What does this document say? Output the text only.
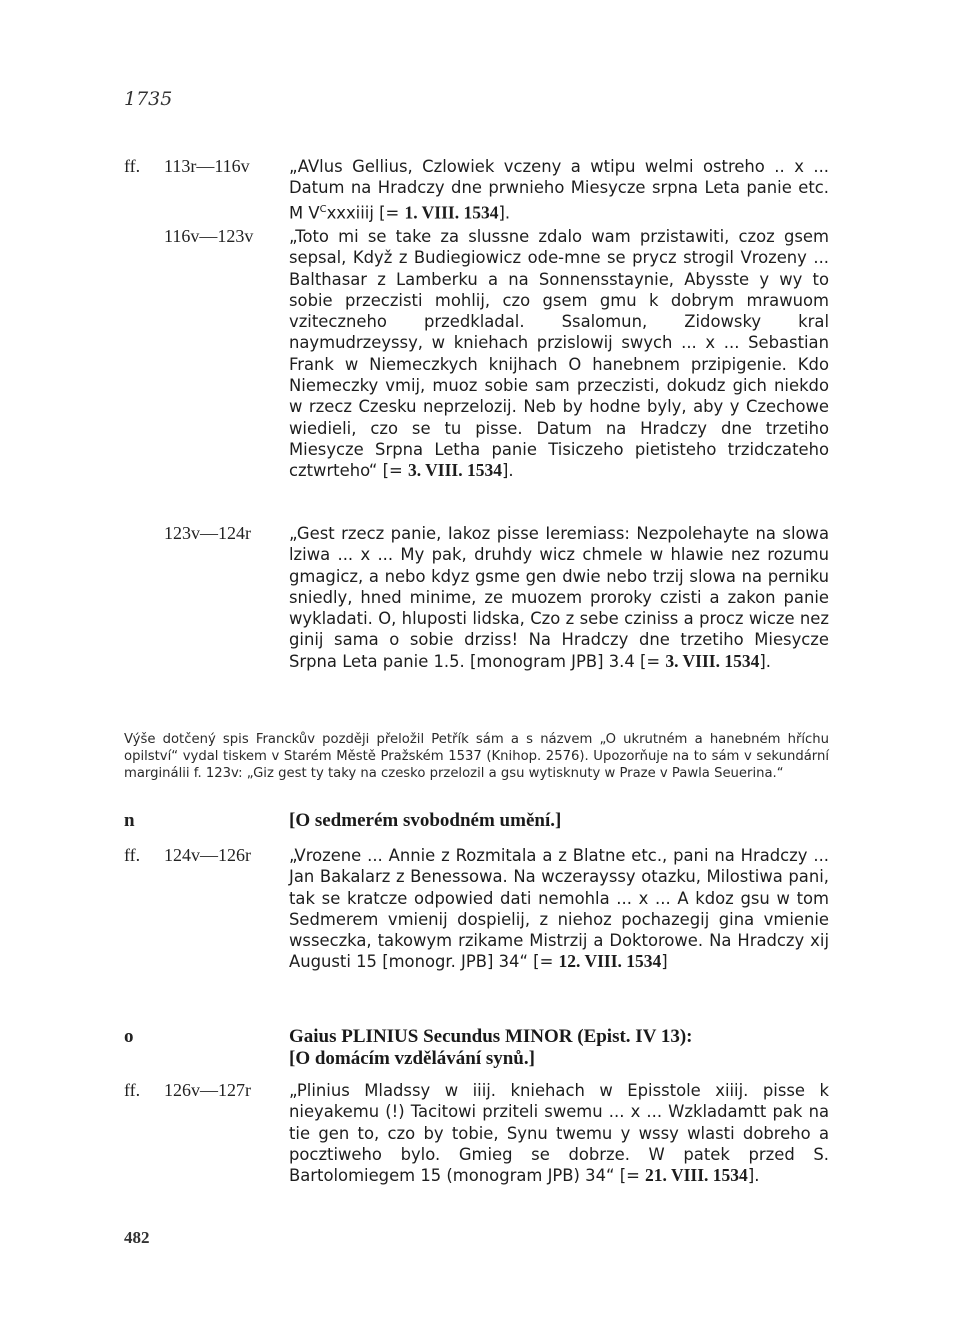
1735
ff. 113r—116v „AVlus Gellius, Czlowiek vczeny a wtipu welmi ostreho .. x ... Datum na Hradczy dne prwnieho Miesycze srpna Leta panie etc. M $V^Cxxxiiij$ [= 1. VIII. 1534].
116v—123v „Toto mi se take za slussne zdalo wam przistawiti, czoz gsem sepsal, Když z Budiegiowicz ode-mne se prycz strogil Vrozeny ... Balthasar z Lamberku a na Sonnensstaynie, Abysste y wy to sobie przeczisti mohlij, czo gsem gmu k dobrym mrawuom vziteczneho przedkladal. Ssalomun, Zidowsky kral naymudrzeyssy, w kniehach przislowij swych ... x ... Sebastian Frank w Niemeczkych knijhach O hanebnem przipigenie. Kdo Niemeczky vmij, muoz sobie sam przeczisti, dokudz gich niekdo w rzecz Czesku neprzelozij. Neb by hodne byly, aby y Czechowe wiedieli, czo se tu pisse. Datum na Hradczy dne trzetiho Miesycze Srpna Letha panie Tisiczeho pietisteho trzidczateho cztwrteho“ [= 3. VIII. 1534].
123v—124r „Gest rzecz panie, Iakoz pisse Ieremiass: Nezpolehayte na slowa lziwa ... x ... My pak, druhdy wicz chmele w hlawie nez rozumu gmagicz, a nebo kdyz gsme gen dwie nebo trzij slowa na perniku sniedly, hned minime, ze muozem proroky czisti a zakon panie wykladati. O, hluposti lidska, Czo z sebe cziniss a procz wicze nez ginij sama o sobie drziss! Na Hradczy dne trzetiho Miesycze Srpna Leta panie 1.5. [monogram JPB] 3.4 [= 3. VIII. 1534].
Výše dotčený spis Franckův později přeložil Petřík sám a s názvem „O ukrutném a hanebném hříchu opilství“ vydal tiskem v Starém Městě Pražském 1537 (Knihop. 2576). Upozorňuje na to sám v sekundární marginálii f. 123v: „Giz gest ty taky na czesko przelozil a gsu wytisknuty w Praze v Pawla Seuerina.“
n	[O sedmerém svobodném umění.]
ff. 124v—126r „Vrozene ... Annie z Rozmitala a z Blatne etc., pani na Hradczy ... Jan Bakalarz z Benessowa. Na wczerayssy otazku, Milostiwa pani, tak se kratcze odpowied dati nemohla ... x ... A kdoz gsu w tom Sedmerem vmienij dospielij, z niehoz pochazegij gina vmienie wsseczka, takowym rzikame Mistrzij a Doktorowe. Na Hradczy xij Augusti 15 [monogr. JPB] 34“ [= 12. VIII. 1534]
o	Gaius PLINIUS Secundus MINOR (Epist. IV 13):
[O domácím vzdělávání synů.]
ff. 126v—127r „Plinius Mladssy w iiij. kniehach w Episstole xiiij. pisse k nieyakemu (!) Tacitowi prziteli swemu ... x ... Wzkladamtt pak na tie gen to, czo by tobie, Synu twemu y wssy wlasti dobreho a pocztiweho bylo. Gmieg se dobrze. W patek przed S. Bartolomiegem 15 (monogram JPB) 34“ [= 21. VIII. 1534].
482
